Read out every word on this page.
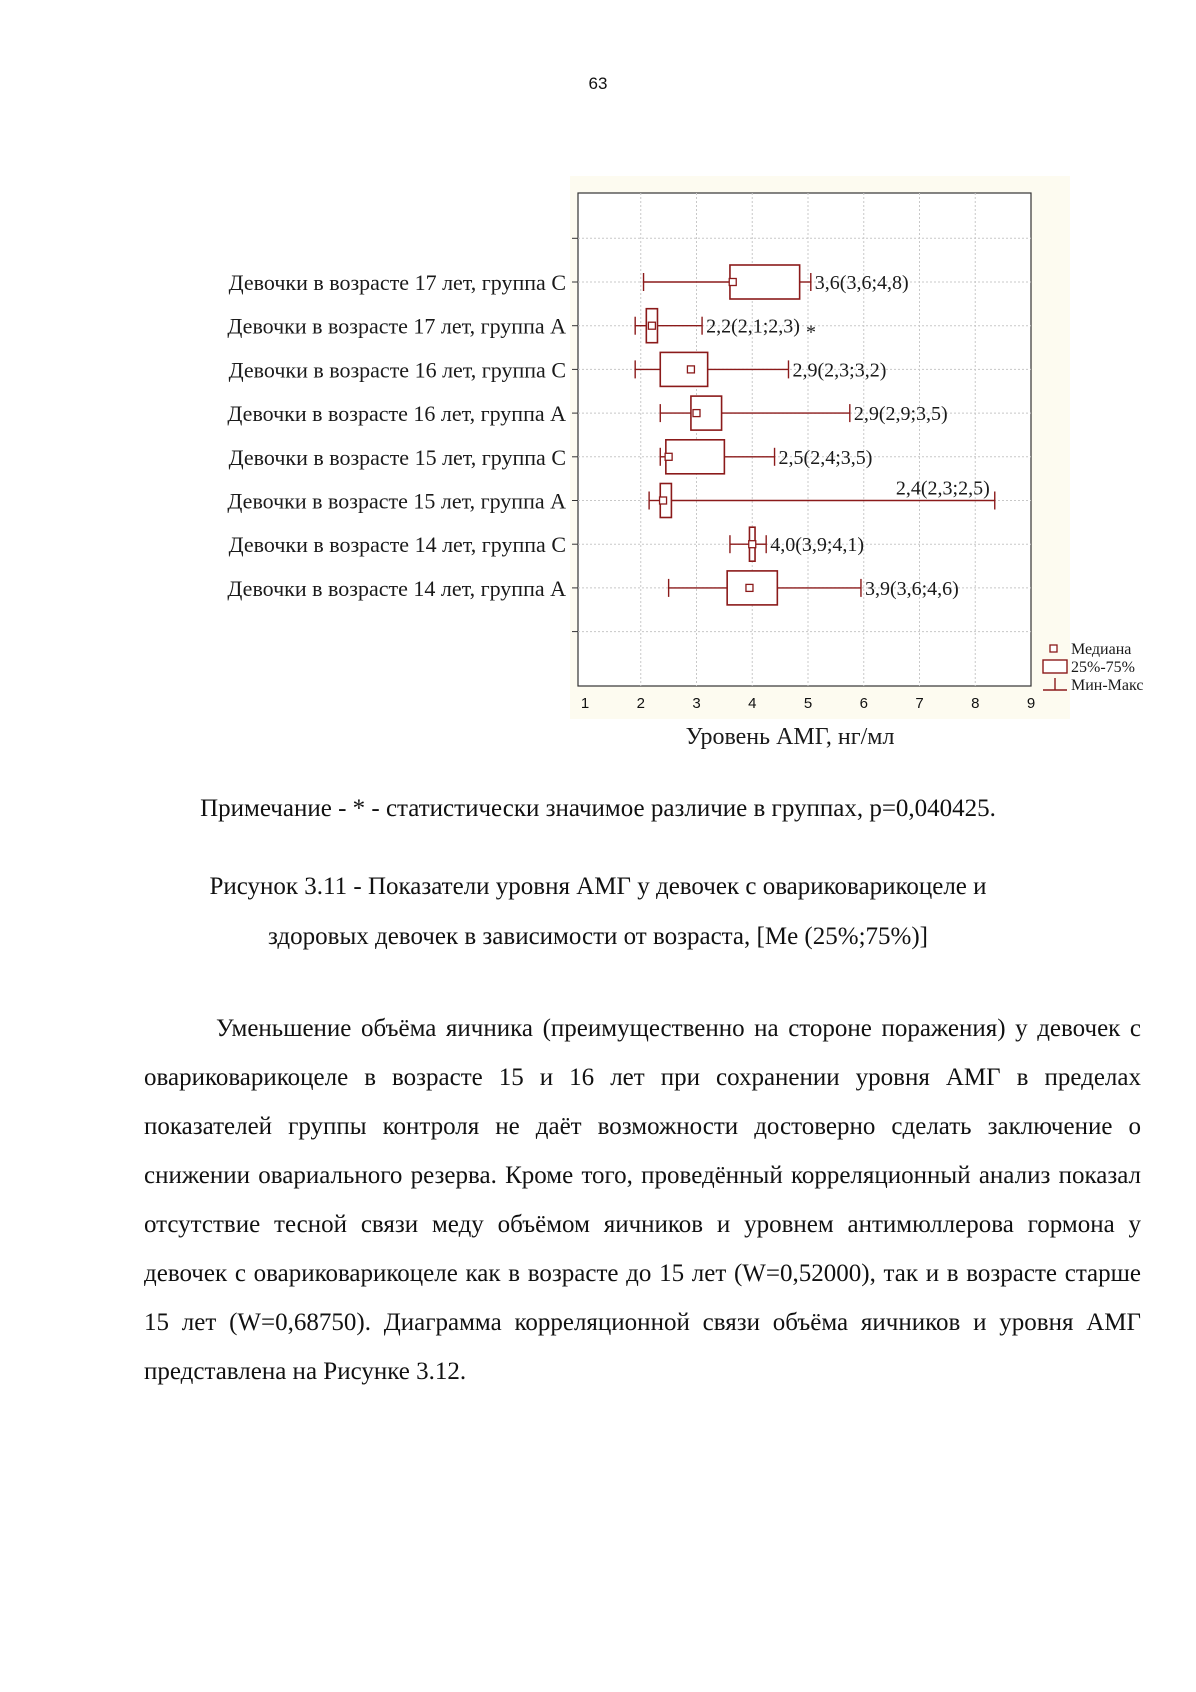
63
1	2	3	4	5	6	7	8	9
Девочки в возрасте 17 лет, группа С	3,6(3,6;4,8)
Девочки в возрасте 17 лет, группа А	2,2(2,1;2,3) *
Девочки в возрасте 16 лет, группа С	2,9(2,3;3,2)
Девочки в возрасте 16 лет, группа А	2,9(2,9;3,5)
Девочки в возрасте 15 лет, группа С	2,5(2,4;3,5)
Девочки в возрасте 15 лет, группа А	2,4(2,3;2,5)
Девочки в возрасте 14 лет, группа С	4,0(3,9;4,1)
Девочки в возрасте 14 лет, группа А	3,9(3,6;4,6)
Медиана
25%-75%
Мин-Макс
Уровень АМГ, нг/мл
Примечание - * - статистически значимое различие в группах, p=0,040425.
Рисунок 3.11 - Показатели уровня АМГ у девочек с овариковарикоцеле и
здоровых девочек в зависимости от возраста, [Me (25%;75%)]

Уменьшение объёма яичника (преимущественно на стороне поражения) у девочек с овариковарикоцеле в возрасте 15 и 16 лет при сохранении уровня АМГ в пределах показателей группы контроля не даёт возможности достоверно сделать заключение о снижении овариального резерва. Кроме того, проведённый корреляционный анализ показал отсутствие тесной связи меду объёмом яичников и уровнем антимюллерова гормона у девочек с овариковарикоцеле как в возрасте до 15 лет (W=0,52000), так и в возрасте старше 15 лет (W=0,68750). Диаграмма корреляционной связи объёма яичников и уровня АМГ представлена на Рисунке 3.12.
